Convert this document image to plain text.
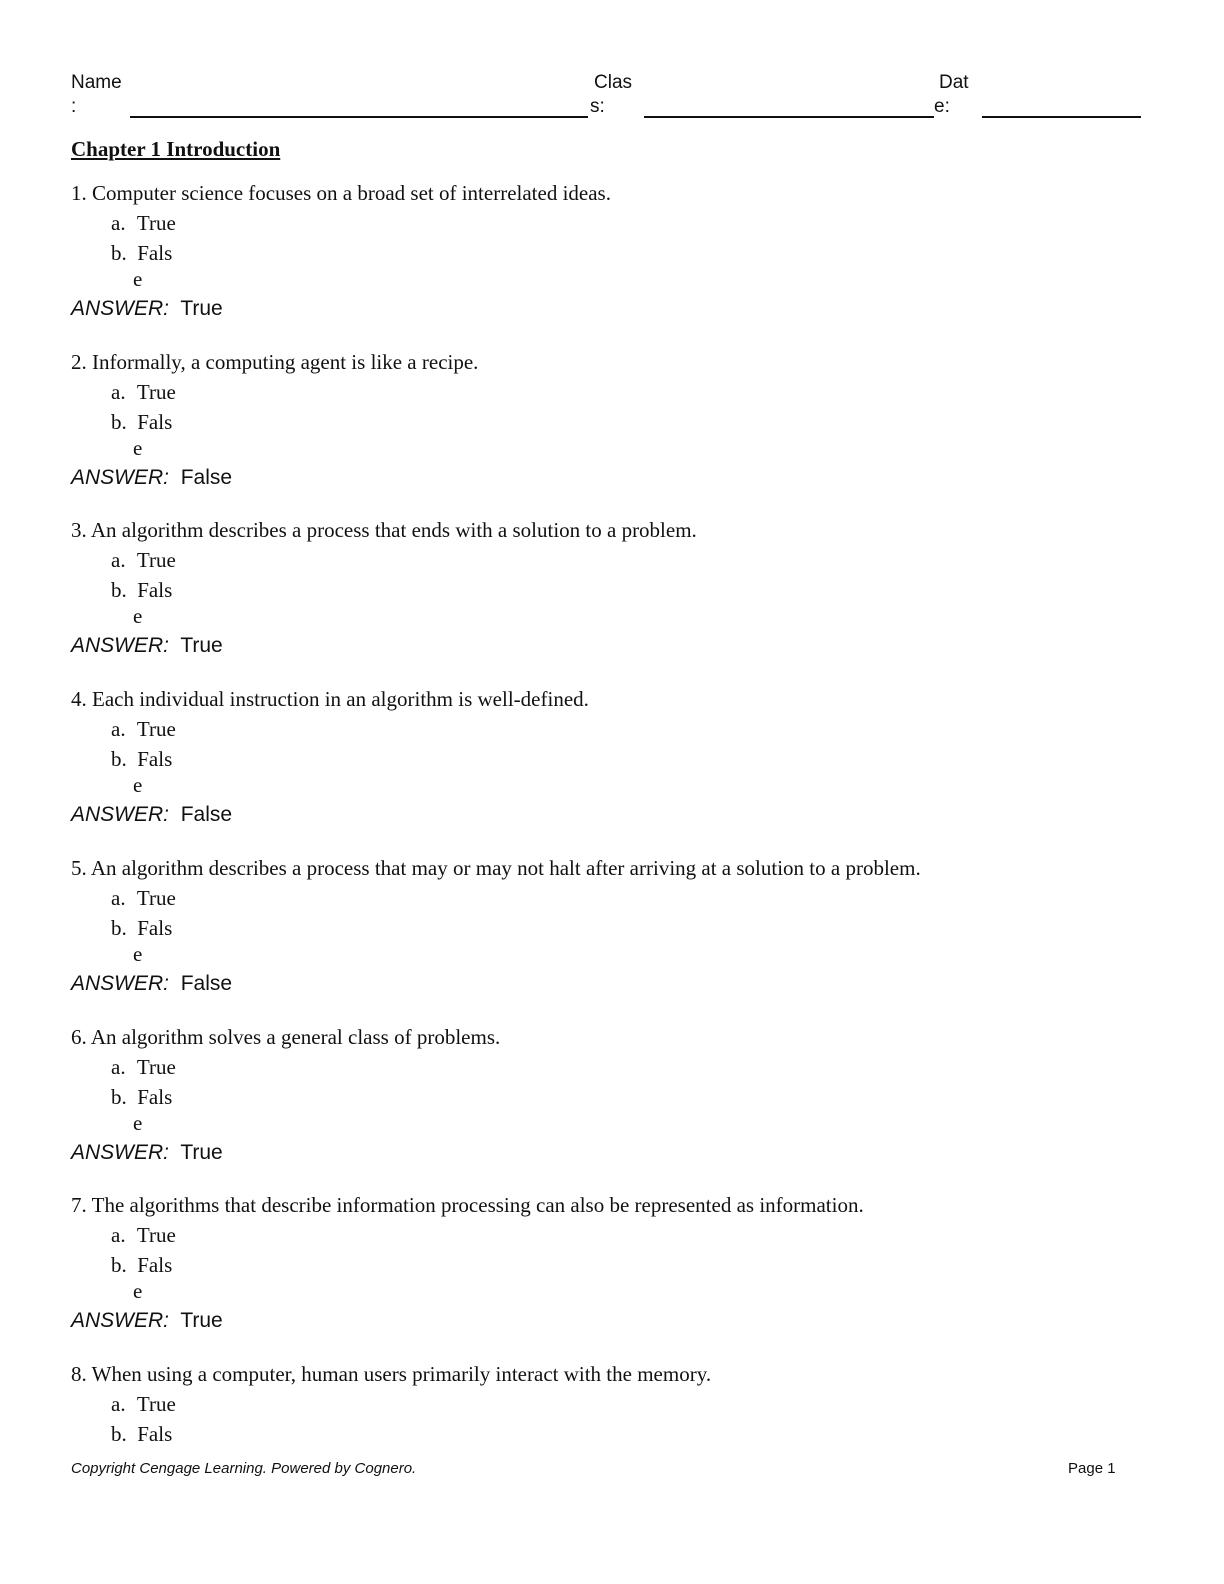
Name
:
Clas
s:
Dat
e:
Chapter 1 Introduction
1. Computer science focuses on a broad set of interrelated ideas.
a. True
b. Fals
e
ANSWER: True
2. Informally, a computing agent is like a recipe.
a. True
b. Fals
e
ANSWER: False
3. An algorithm describes a process that ends with a solution to a problem.
a. True
b. Fals
e
ANSWER: True
4. Each individual instruction in an algorithm is well-defined.
a. True
b. Fals
e
ANSWER: False
5. An algorithm describes a process that may or may not halt after arriving at a solution to a problem.
a. True
b. Fals
e
ANSWER: False
6. An algorithm solves a general class of problems.
a. True
b. Fals
e
ANSWER: True
7. The algorithms that describe information processing can also be represented as information.
a. True
b. Fals
e
ANSWER: True
8. When using a computer, human users primarily interact with the memory.
a. True
b. Fals
Copyright Cengage Learning. Powered by Cognero.	Page 1
